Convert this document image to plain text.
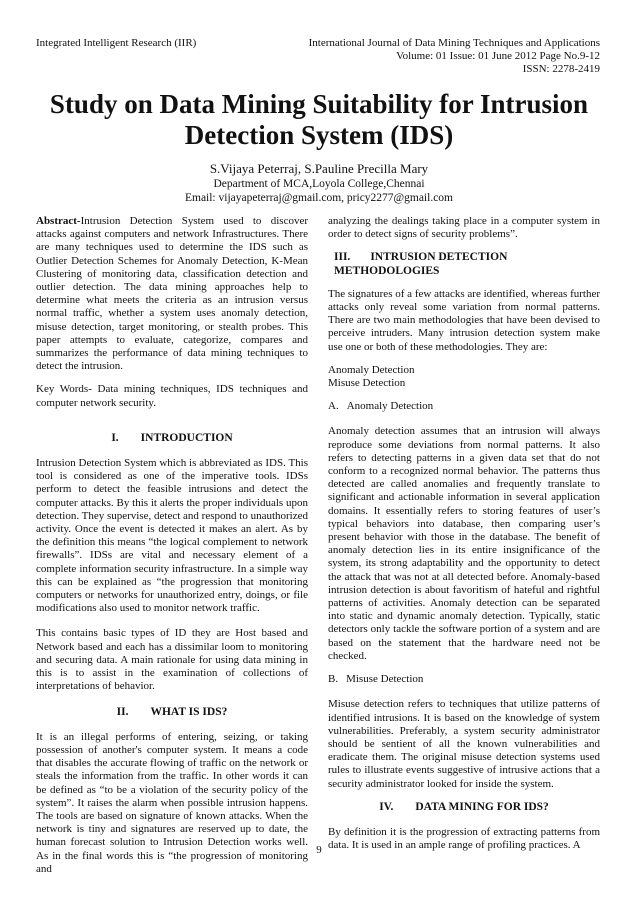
Integrated Intelligent Research (IIR)	International Journal of Data Mining Techniques and Applications
Volume: 01 Issue: 01 June 2012 Page No.9-12
ISSN: 2278-2419
Study on Data Mining Suitability for Intrusion
Detection System (IDS)
S.Vijaya Peterraj, S.Pauline Precilla Mary
Department of MCA,Loyola College,Chennai
Email: vijayapeterraj@gmail.com, pricy2277@gmail.com

Abstract-Intrusion Detection System used to discover attacks against computers and network Infrastructures. There are many techniques used to determine the IDS such as Outlier Detection Schemes for Anomaly Detection, K-Mean Clustering of monitoring data, classification detection and outlier detection. The data mining approaches help to determine what meets the criteria as an intrusion versus normal traffic, whether a system uses anomaly detection, misuse detection, target monitoring, or stealth probes. This paper attempts to evaluate, categorize, compares and summarizes the performance of data mining techniques to detect the intrusion.

Key Words- Data mining techniques, IDS techniques and computer network security.

I. INTRODUCTION

Intrusion Detection System which is abbreviated as IDS. This tool is considered as one of the imperative tools. IDSs perform to detect the feasible intrusions and detect the computer attacks. By this it alerts the proper individuals upon detection. They supervise, detect and respond to unauthorized activity. Once the event is detected it makes an alert. As by the definition this means “the logical complement to network firewalls”. IDSs are vital and necessary element of a complete information security infrastructure. In a simple way this can be explained as “the progression that monitoring computers or networks for unauthorized entry, doings, or file modifications also used to monitor network traffic.

This contains basic types of ID they are Host based and Network based and each has a dissimilar loom to monitoring and securing data. A main rationale for using data mining in this is to assist in the examination of collections of interpretations of behavior.

II. WHAT IS IDS?

It is an illegal performs of entering, seizing, or taking possession of another's computer system. It means a code that disables the accurate flowing of traffic on the network or steals the information from the traffic. In other words it can be defined as “to be a violation of the security policy of the system”. It raises the alarm when possible intrusion happens. The tools are based on signature of known attacks. When the network is tiny and signatures are reserved up to date, the human forecast solution to Intrusion Detection works well. As in the final words this is “the progression of monitoring and

analyzing the dealings taking place in a computer system in order to detect signs of security problems”.

III. INTRUSION DETECTION METHODOLOGIES

The signatures of a few attacks are identified, whereas further attacks only reveal some variation from normal patterns. There are two main methodologies that have been devised to perceive intruders. Many intrusion detection system make use one or both of these methodologies. They are:

Anomaly Detection
Misuse Detection
A. Anomaly Detection

Anomaly detection assumes that an intrusion will always reproduce some deviations from normal patterns. It also refers to detecting patterns in a given data set that do not conform to a recognized normal behavior. The patterns thus detected are called anomalies and frequently translate to significant and actionable information in several application domains. It essentially refers to storing features of user’s typical behaviors into database, then comparing user’s present behavior with those in the database. The benefit of anomaly detection lies in its entire insignificance of the system, its strong adaptability and the opportunity to detect the attack that was not at all detected before. Anomaly-based intrusion detection is about favoritism of hateful and rightful patterns of activities. Anomaly detection can be separated into static and dynamic anomaly detection. Typically, static detectors only tackle the software portion of a system and are based on the statement that the hardware need not be checked.

B. Misuse Detection

Misuse detection refers to techniques that utilize patterns of identified intrusions. It is based on the knowledge of system vulnerabilities. Preferably, a system security administrator should be sentient of all the known vulnerabilities and eradicate them. The original misuse detection systems used rules to illustrate events suggestive of intrusive actions that a security administrator looked for inside the system.

IV. DATA MINING FOR IDS?

By definition it is the progression of extracting patterns from data. It is used in an ample range of profiling practices. A

9
